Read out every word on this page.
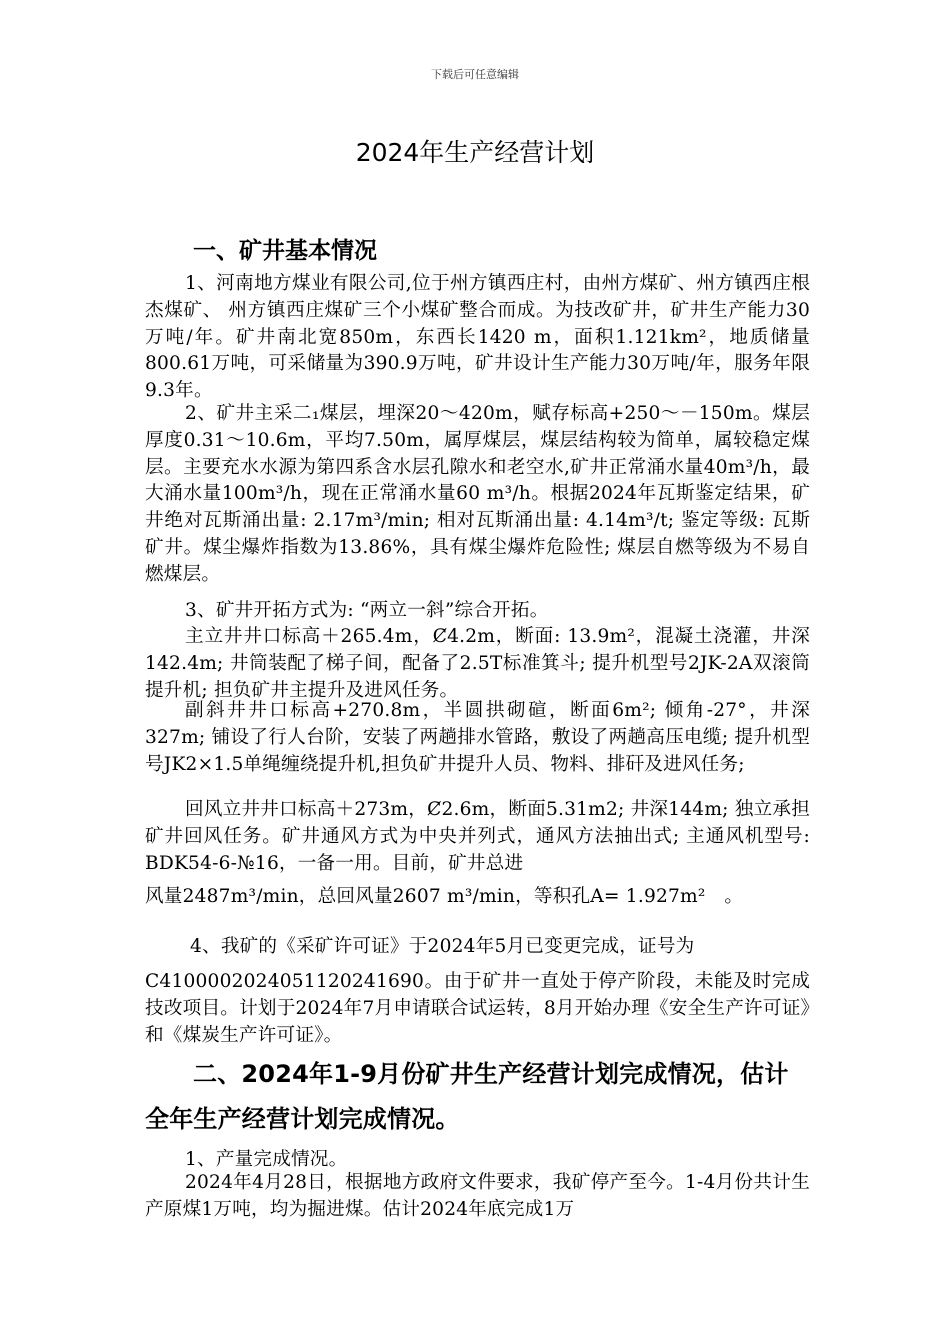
下载后可任意编辑
2024年生产经营计划
一、矿井基本情况
1、河南地方煤业有限公司,位于州方镇西庄村，由州方煤矿、州方镇西庄根杰煤矿、 州方镇西庄煤矿三个小煤矿整合而成。为技改矿井，矿井生产能力30 万吨/年。矿井南北宽850m，东西长1420 m，面积1.121km²，地质储量800.61万吨，可采储量为390.9万吨，矿井设计生产能力30万吨/年，服务年限9.3年。
2、矿井主采二₁煤层，埋深20～420m，赋存标高+250～－150m。煤层厚度0.31～10.6m，平均7.50m，属厚煤层，煤层结构较为简单，属较稳定煤层。主要充水水源为第四系含水层孔隙水和老空水,矿井正常涌水量40m³/h，最大涌水量100m³/h，现在正常涌水量60 m³/h。根据2024年瓦斯鉴定结果，矿井绝对瓦斯涌出量: 2.17m³/min; 相对瓦斯涌出量: 4.14m³/t; 鉴定等级: 瓦斯矿井。煤尘爆炸指数为13.86%，具有煤尘爆炸危险性; 煤层自燃等级为不易自燃煤层。
3、矿井开拓方式为: “两立一斜”综合开拓。
主立井井口标高＋265.4m，Ȼ4.2m，断面: 13.9m²，混凝土浇灌，井深142.4m; 井筒装配了梯子间，配备了2.5T标准箕斗; 提升机型号2JK-2A双滚筒提升机; 担负矿井主提升及进风任务。
副斜井井口标高+270.8m，半圆拱砌碹，断面6m²; 倾角-27°，井深327m; 铺设了行人台阶，安装了两趟排水管路，敷设了两趟高压电缆; 提升机型号JK2×1.5单绳缠绕提升机,担负矿井提升人员、物料、排矸及进风任务;
回风立井井口标高＋273m，Ȼ2.6m，断面5.31m2; 井深144m; 独立承担矿井回风任务。矿井通风方式为中央并列式，通风方法抽出式; 主通风机型号: BDK54-6-№16，一备一用。目前，矿井总进
风量2487m³/min，总回风量2607 m³/min，等积孔A= 1.927m²　。
4、我矿的《采矿许可证》于2024年5月已变更完成，证号为
C4100002024051120241690。由于矿井一直处于停产阶段，未能及时完成技改项目。计划于2024年7月申请联合试运转，8月开始办理《安全生产许可证》和《煤炭生产许可证》。
二、2024年1-9月份矿井生产经营计划完成情况，估计
全年生产经营计划完成情况。
1、产量完成情况。
2024年4月28日，根据地方政府文件要求，我矿停产至今。1-4月份共计生产原煤1万吨，均为掘进煤。估计2024年底完成1万
